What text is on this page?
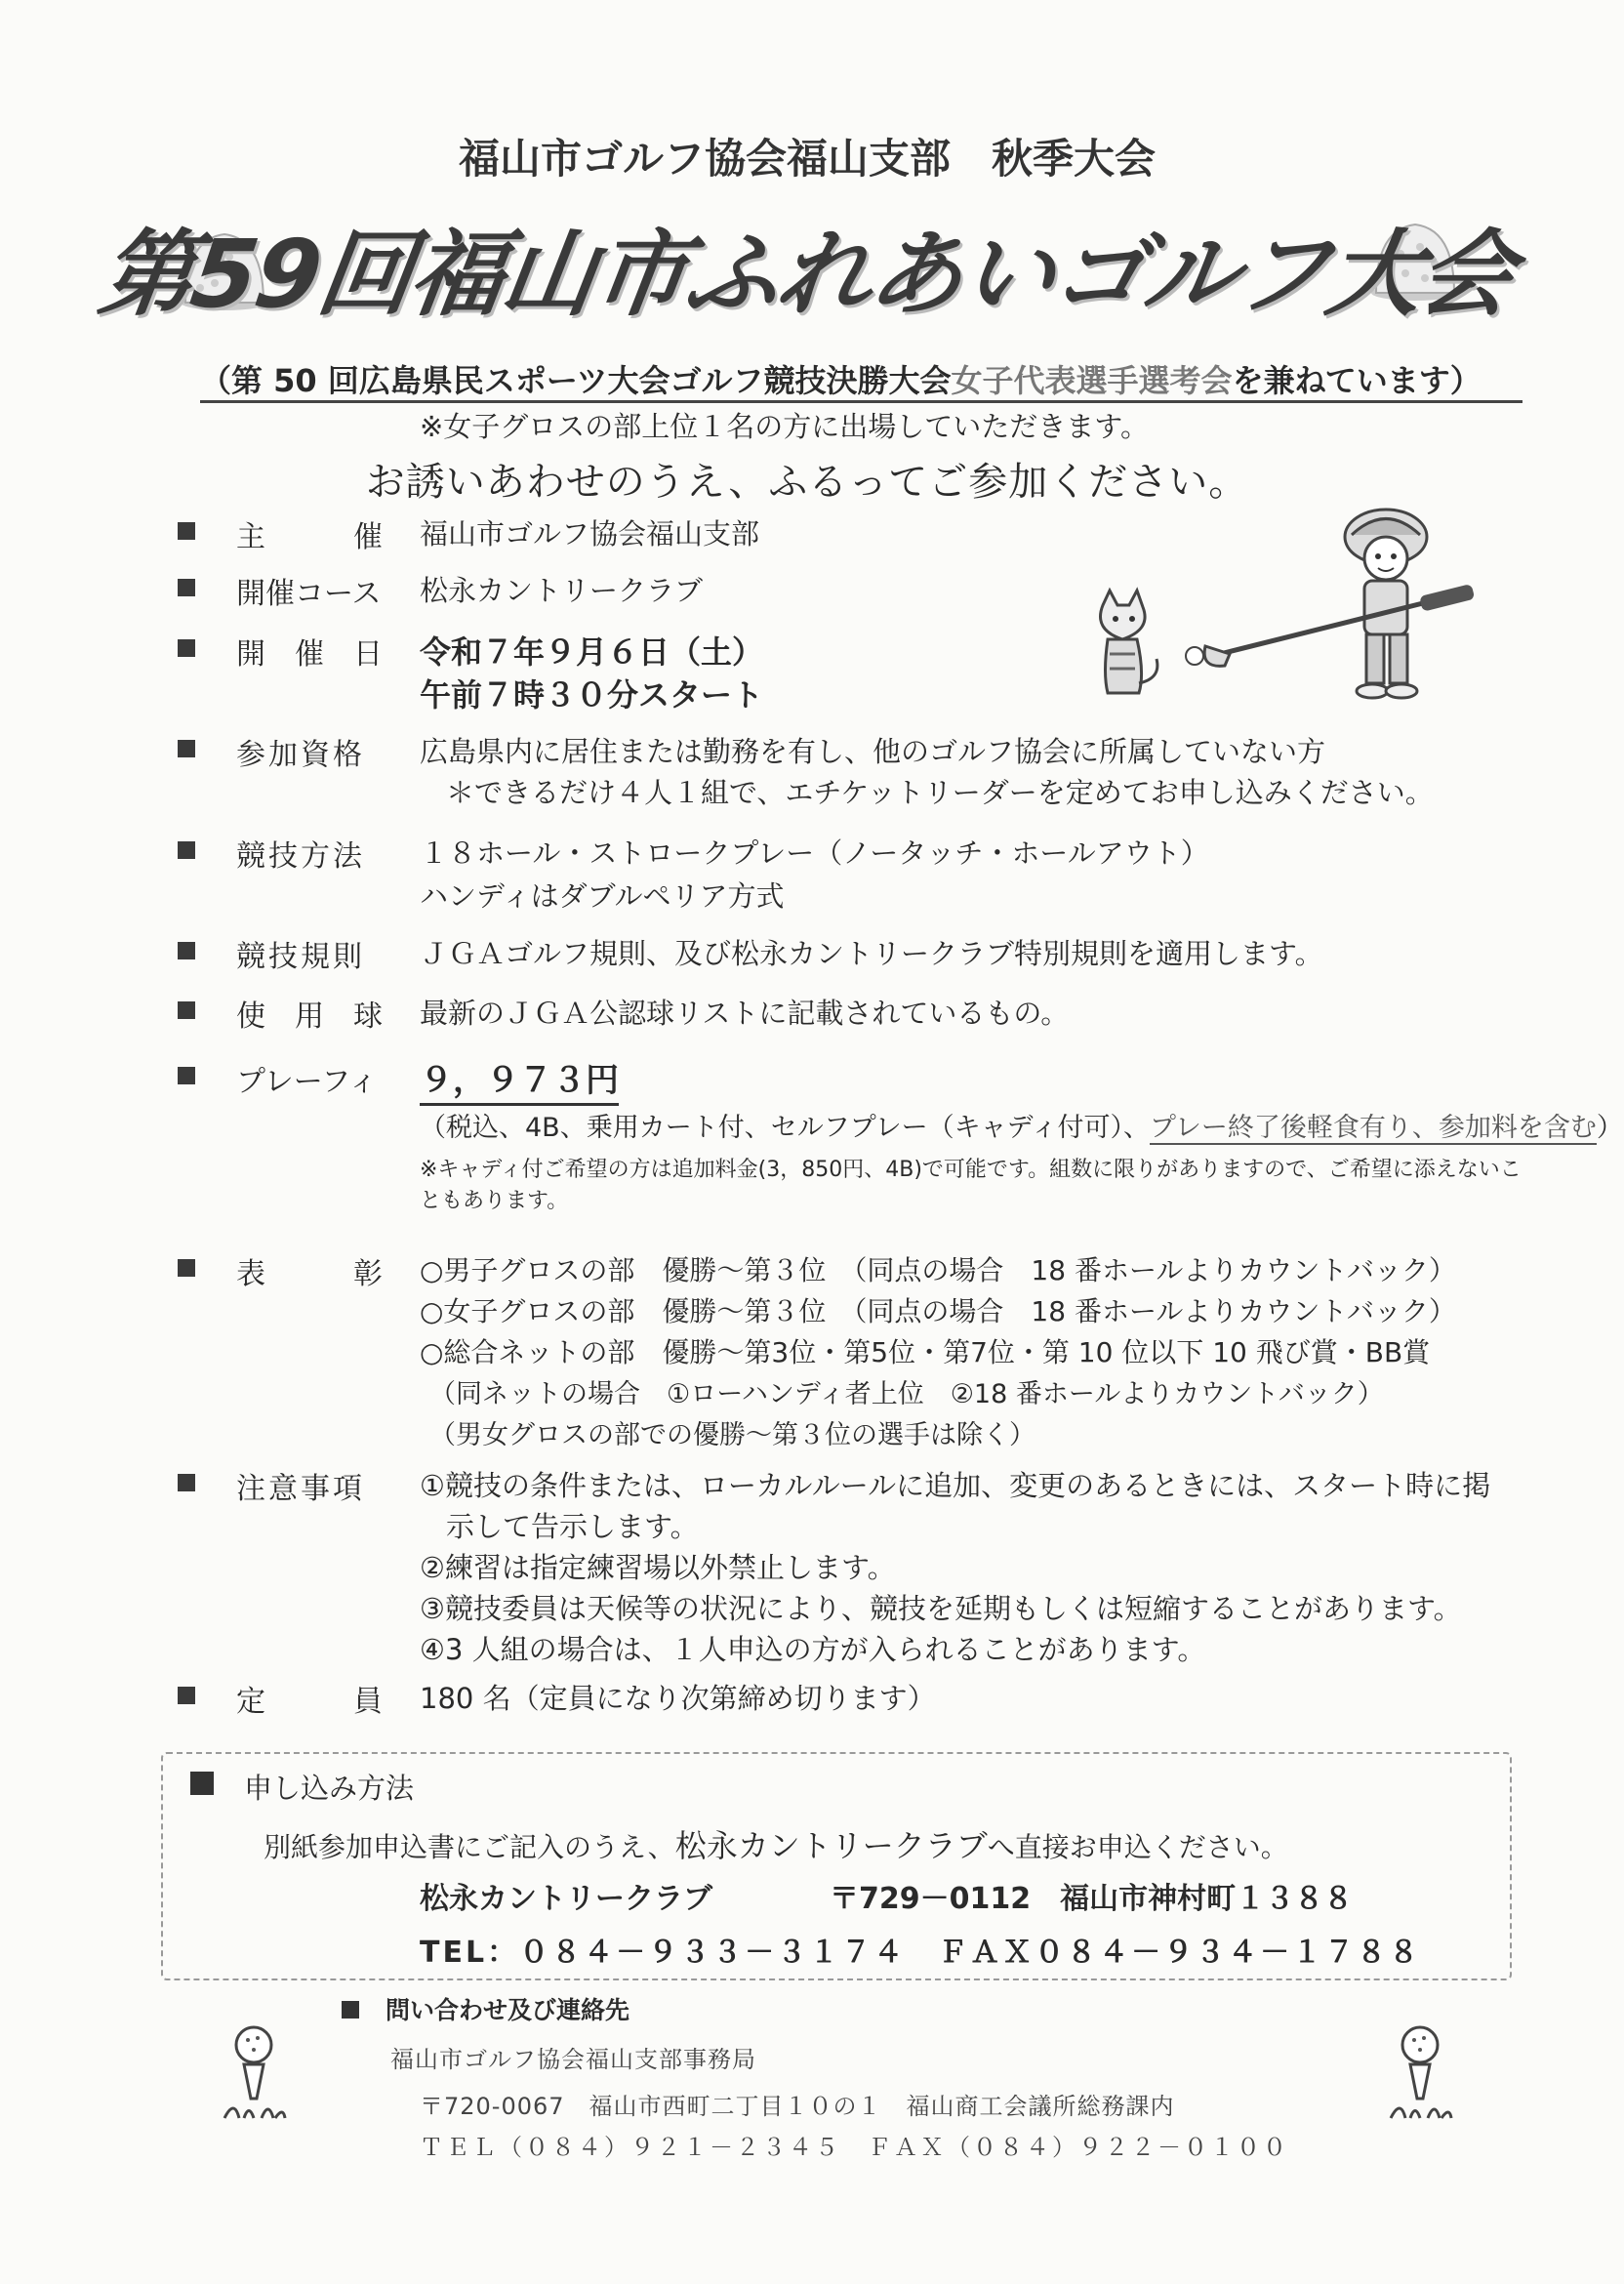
福山市ゴルフ協会福山支部　秋季大会
第59回福山市ふれあいゴルフ大会
（第 50 回広島県民スポーツ大会ゴルフ競技決勝大会女子代表選手選考会を兼ねています）
※女子グロスの部上位１名の方に出場していただきます。
お誘いあわせのうえ、ふるってご参加ください。
主	催 福山市ゴルフ協会福山支部
開催コース 松永カントリークラブ
開 催 日 令和７年９月６日（土）
午前７時３０分スタート
参加資格	広島県内に居住または勤務を有し、他のゴルフ協会に所属していない方
＊できるだけ４人１組で、エチケットリーダーを定めてお申し込みください。
競技方法	１８ホール・ストロークプレー（ノータッチ・ホールアウト）
ハンディはダブルペリア方式
競技規則	ＪＧＡゴルフ規則、及び松永カントリークラブ特別規則を適用します。
使 用 球 最新のＪＧＡ公認球リストに記載されているもの。
プレーフィ ９，９７３円
（税込、4B、乗用カート付、セルフプレー（キャディ付可）、プレー終了後軽食有り、参加料を含む）
※キャディ付ご希望の方は追加料金(3，850円、4B)で可能です。組数に限りがありますので、ご希望に添えないこ
ともあります。
表	彰 ○男子グロスの部　優勝～第３位　（同点の場合　18 番ホールよりカウントバック）
○女子グロスの部　優勝～第３位　（同点の場合　18 番ホールよりカウントバック）
○総合ネットの部　優勝～第3位・第5位・第7位・第 10 位以下 10 飛び賞・BB賞
（同ネットの場合　①ローハンディ者上位　②18 番ホールよりカウントバック）
（男女グロスの部での優勝～第３位の選手は除く）
注意事項	①競技の条件または、ローカルルールに追加、変更のあるときには、スタート時に掲
示して告示します。
②練習は指定練習場以外禁止します。
③競技委員は天候等の状況により、競技を延期もしくは短縮することがあります。
④3 人組の場合は、１人申込の方が入られることがあります。
定	員 180 名（定員になり次第締め切ります）
申し込み方法
別紙参加申込書にご記入のうえ、松永カントリークラブへ直接お申込ください。
松永カントリークラブ	〒729－0112　福山市神村町１３８８
TEL：０８４－９３３－３１７４　ＦＡＸ０８４－９３４－１７８８
問い合わせ及び連絡先
福山市ゴルフ協会福山支部事務局
〒720-0067　福山市西町二丁目１０の１　福山商工会議所総務課内
ＴＥＬ（０８４）９２１－２３４５　ＦＡＸ（０８４）９２２－０１００
